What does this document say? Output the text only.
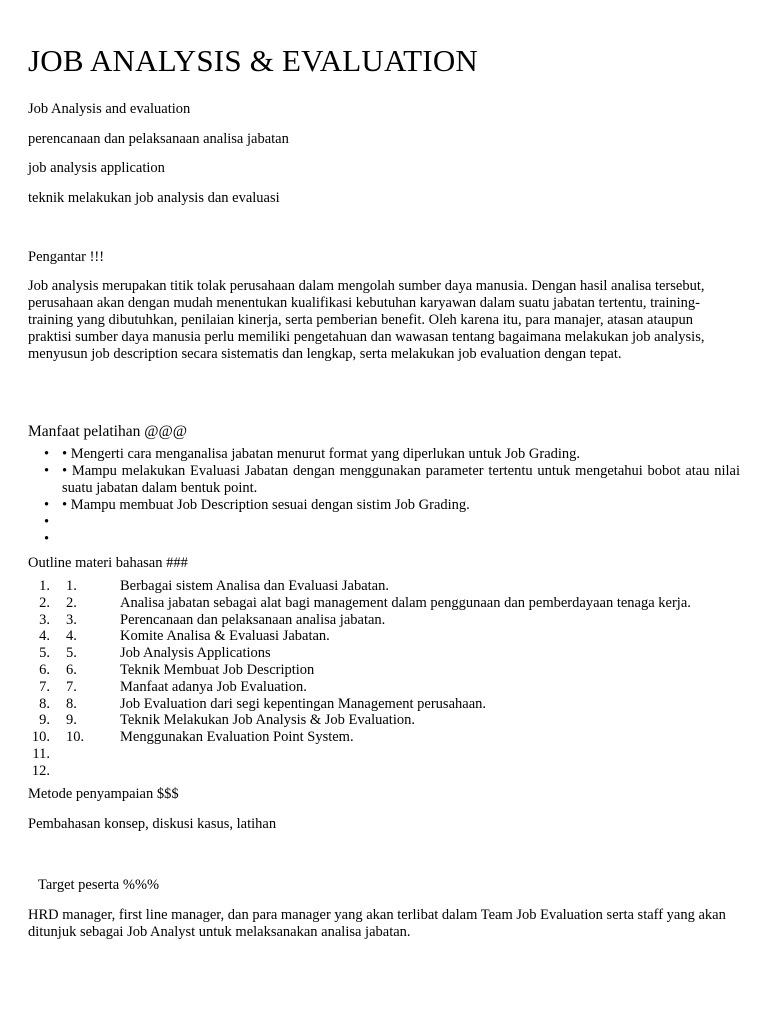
JOB ANALYSIS & EVALUATION

Job Analysis and evaluation

perencanaan dan pelaksanaan analisa jabatan

job analysis application

teknik melakukan job analysis dan evaluasi

Pengantar !!!

Job analysis merupakan titik tolak perusahaan dalam mengolah sumber daya manusia. Dengan hasil analisa tersebut, perusahaan akan dengan mudah menentukan kualifikasi kebutuhan karyawan dalam suatu jabatan tertentu, training-training yang dibutuhkan, penilaian kinerja, serta pemberian benefit. Oleh karena itu, para manajer, atasan ataupun praktisi sumber daya manusia perlu memiliki pengetahuan dan wawasan tentang bagaimana melakukan job analysis, menyusun job description secara sistematis dan lengkap, serta melakukan job evaluation dengan tepat.

Manfaat pelatihan @@@

• • Mengerti cara menganalisa jabatan menurut format yang diperlukan untuk Job Grading.
• • Mampu melakukan Evaluasi Jabatan dengan menggunakan parameter tertentu untuk mengetahui bobot atau nilai suatu jabatan dalam bentuk point.
• • Mampu membuat Job Description sesuai dengan sistim Job Grading.
•
•

Outline materi bahasan ###

1. 1.	Berbagai sistem Analisa dan Evaluasi Jabatan.
2. 2.	Analisa jabatan sebagai alat bagi management dalam penggunaan dan pemberdayaan tenaga kerja.
3. 3.	Perencanaan dan pelaksanaan analisa jabatan.
4. 4.	Komite Analisa & Evaluasi Jabatan.
5. 5.	Job Analysis Applications
6. 6.	Teknik Membuat Job Description
7. 7.	Manfaat adanya Job Evaluation.
8. 8.	Job Evaluation dari segi kepentingan Management perusahaan.
9. 9.	Teknik Melakukan Job Analysis & Job Evaluation.
10. 10. Menggunakan Evaluation Point System.
11.
12.

Metode penyampaian $$$

Pembahasan konsep, diskusi kasus, latihan

Target peserta %%%

HRD manager, first line manager, dan para manager yang akan terlibat dalam Team Job Evaluation serta staff yang akan ditunjuk sebagai Job Analyst untuk melaksanakan analisa jabatan.
